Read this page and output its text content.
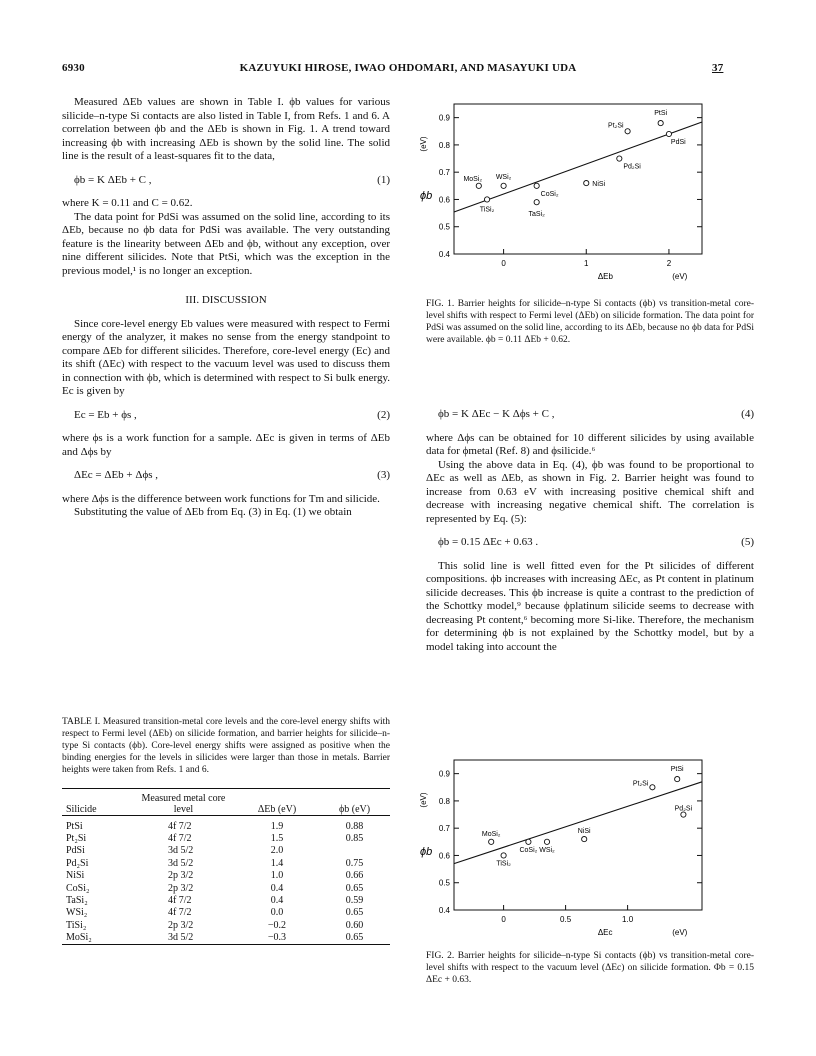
6930	KAZUYUKI HIROSE, IWAO OHDOMARI, AND MASAYUKI UDA	37

Measured ΔEb values are shown in Table I. ϕb values for various silicide–n-type Si contacts are also listed in Table I, from Refs. 1 and 6. A correlation between ϕb and the ΔEb is shown in Fig. 1. A trend toward increasing ϕb with increasing ΔEb is shown by the solid line. The solid line is the result of a least-squares fit to the data,

ϕb = K ΔEb + C ,	(1)

where K = 0.11 and C = 0.62.

The data point for PdSi was assumed on the solid line, according to its ΔEb, because no ϕb data for PdSi was available. The very outstanding feature is the linearity between ΔEb and ϕb, without any exception, over nine different silicides. Note that PtSi, which was the exception in the previous model,¹ is no longer an exception.

III. DISCUSSION

Since core-level energy Eb values were measured with respect to Fermi energy of the analyzer, it makes no sense from the energy standpoint to compare ΔEb for different silicides. Therefore, core-level energy (Ec) and its shift (ΔEc) with respect to the vacuum level was used to discuss them in connection with ϕb, which is determined with respect to Si bulk energy. Ec is given by

Ec = Eb + ϕs ,	(2)

where ϕs is a work function for a sample. ΔEc is given in terms of ΔEb and Δϕs by

ΔEc = ΔEb + Δϕs ,	(3)

where Δϕs is the difference between work functions for Tm and silicide.

Substituting the value of ΔEb from Eq. (3) in Eq. (1) we obtain

TABLE I. Measured transition-metal core levels and the core-level energy shifts with respect to Fermi level (ΔEb) on silicide formation, and barrier heights for silicide–n-type Si contacts (ϕb). Core-level energy shifts were assigned as positive when the binding energies for the levels in silicides were larger than those in metals. Barrier heights were taken from Refs. 1 and 6.

Silicide	Measured metal core level	ΔEb (eV)	ϕb (eV)

PtSi	4f 7/2	1.9	0.88
Pt₂Si	4f 7/2	1.5	0.85
PdSi	3d 5/2	2.0	
Pd₂Si	3d 5/2	1.4	0.75
NiSi	2p 3/2	1.0	0.66
CoSi₂	2p 3/2	0.4	0.65
TaSi₂	4f 7/2	0.4	0.59
WSi₂	4f 7/2	0.0	0.65
TiSi₂	2p 3/2	−0.2	0.60
MoSi₂	3d 5/2	−0.3	0.65

0.4
0.5
0.6
0.7
0.8
0.9
0	1	2
ϕb
(eV)
ΔEb	(eV)
PtSi
Pt₂Si
PdSi
Pd₂Si
NiSi
CoSi₂
TaSi₂
WSi₂
TiSi₂
MoSi₂
FIG. 1. Barrier heights for silicide–n-type Si contacts (ϕb) vs transition-metal core-level shifts with respect to Fermi level (ΔEb) on silicide formation. The data point for PdSi was assumed on the solid line, according to its ΔEb, because no ϕb data for PdSi were available. ϕb = 0.11 ΔEb + 0.62.
ϕb = K ΔEc − K Δϕs + C ,	(4)

where Δϕs can be obtained for 10 different silicides by using available data for ϕmetal (Ref. 8) and ϕsilicide.⁶

Using the above data in Eq. (4), ϕb was found to be proportional to ΔEc as well as ΔEb, as shown in Fig. 2. Barrier height was found to increase from 0.63 eV with increasing positive chemical shift and decrease with increasing negative chemical shift. The correlation is represented by Eq. (5):

ϕb = 0.15 ΔEc + 0.63 .	(5)

This solid line is well fitted even for the Pt silicides of different compositions. ϕb increases with increasing ΔEc, as Pt content in platinum silicide decreases. This ϕb increase is quite a contrast to the prediction of the Schottky model,⁹ because ϕplatinum silicide seems to decrease with decreasing Pt content,⁶ becoming more Si-like. Therefore, the mechanism for determining ϕb is not explained by the Schottky model, but by a model taking into account the

0.4
0.5
0.6
0.7
0.8
0.9
0	0.5	1.0
ϕb
(eV)
ΔEc	(eV)
PtSi
Pt₂Si
Pd₂Si
NiSi
CoSi₂ WSi₂
TiSi₂
MoSi₂
FIG. 2. Barrier heights for silicide–n-type Si contacts (ϕb) vs transition-metal core-level shifts with respect to the vacuum level (ΔEc) on silicide formation. Φb = 0.15 ΔEc + 0.63.
